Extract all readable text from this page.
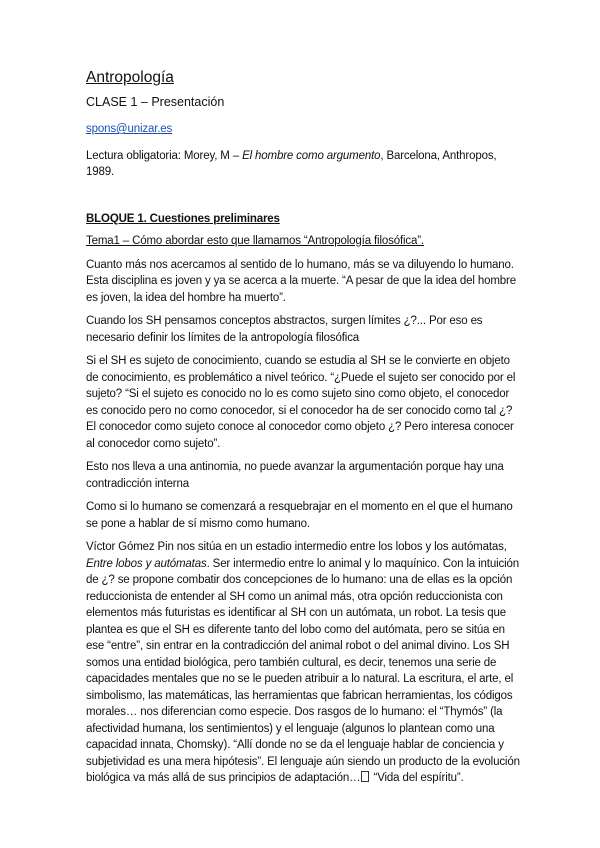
Antropología
CLASE 1 – Presentación
spons@unizar.es
Lectura obligatoria: Morey, M – El hombre como argumento, Barcelona, Anthropos, 1989.
BLOQUE 1. Cuestiones preliminares
Tema1 – Cómo abordar esto que llamamos “Antropología filosófica”.
Cuanto más nos acercamos al sentido de lo humano, más se va diluyendo lo humano. Esta disciplina es joven y ya se acerca a la muerte. “A pesar de que la idea del hombre es joven, la idea del hombre ha muerto”.
Cuando los SH pensamos conceptos abstractos, surgen límites ¿?... Por eso es necesario definir los límites de la antropología filosófica
Si el SH es sujeto de conocimiento, cuando se estudia al SH se le convierte en objeto de conocimiento, es problemático a nivel teórico. “¿Puede el sujeto ser conocido por el sujeto? “Si el sujeto es conocido no lo es como sujeto sino como objeto, el conocedor es conocido pero no como conocedor, si el conocedor ha de ser conocido como tal ¿? El conocedor como sujeto conoce al conocedor como objeto ¿? Pero interesa conocer al conocedor como sujeto”.
Esto nos lleva a una antinomia, no puede avanzar la argumentación porque hay una contradicción interna
Como si lo humano se comenzará a resquebrajar en el momento en el que el humano se pone a hablar de sí mismo como humano.
Víctor Gómez Pin nos sitúa en un estadio intermedio entre los lobos y los autómatas, Entre lobos y autómatas. Ser intermedio entre lo animal y lo maquínico. Con la intuición de ¿? se propone combatir dos concepciones de lo humano: una de ellas es la opción reduccionista de entender al SH como un animal más, otra opción reduccionista con elementos más futuristas es identificar al SH con un autómata, un robot. La tesis que plantea es que el SH es diferente tanto del lobo como del autómata, pero se sitúa en ese “entre”, sin entrar en la contradicción del animal robot o del animal divino. Los SH somos una entidad biológica, pero también cultural, es decir, tenemos una serie de capacidades mentales que no se le pueden atribuir a lo natural. La escritura, el arte, el simbolismo, las matemáticas, las herramientas que fabrican herramientas, los códigos morales… nos diferencian como especie. Dos rasgos de lo humano: el “Thymós” (la afectividad humana, los sentimientos) y el lenguaje (algunos lo plantean como una capacidad innata, Chomsky). “Allí donde no se da el lenguaje hablar de conciencia y subjetividad es una mera hipótesis”. El lenguaje aún siendo un producto de la evolución biológica va más allá de sus principios de adaptación… “Vida del espíritu”.
